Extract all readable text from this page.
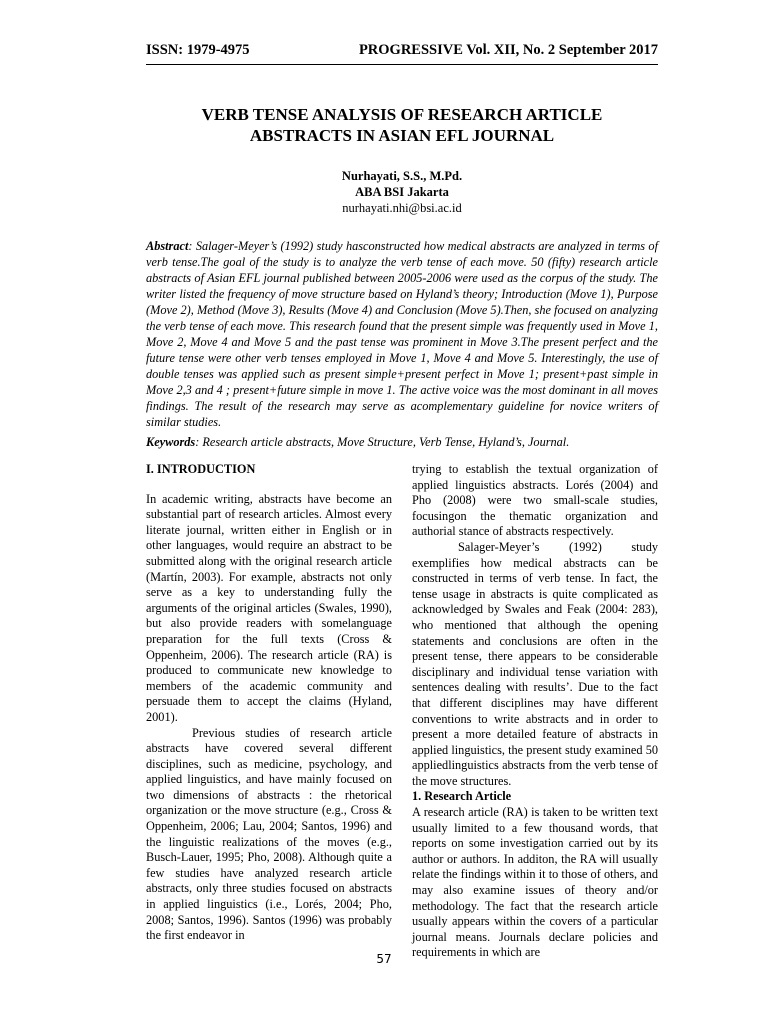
ISSN: 1979-4975	PROGRESSIVE Vol. XII, No. 2 September 2017
VERB TENSE ANALYSIS OF RESEARCH ARTICLE
ABSTRACTS IN ASIAN EFL JOURNAL
Nurhayati, S.S., M.Pd.
ABA BSI Jakarta
nurhayati.nhi@bsi.ac.id
Abstract: Salager-Meyer’s (1992) study hasconstructed how medical abstracts are analyzed in terms of verb tense.The goal of the study is to analyze the verb tense of each move. 50 (fifty) research article abstracts of Asian EFL journal published between 2005-2006 were used as the corpus of the study. The writer listed the frequency of move structure based on Hyland’s theory; Introduction (Move 1), Purpose (Move 2), Method (Move 3), Results (Move 4) and Conclusion (Move 5).Then, she focused on analyzing the verb tense of each move. This research found that the present simple was frequently used in Move 1, Move 2, Move 4 and Move 5 and the past tense was prominent in Move 3.The present perfect and the future tense were other verb tenses employed in Move 1, Move 4 and Move 5. Interestingly, the use of double tenses was applied such as present simple+present perfect in Move 1; present+past simple in Move 2,3 and 4 ; present+future simple in move 1. The active voice was the most dominant in all moves findings. The result of the research may serve as acomplementary guideline for novice writers of similar studies.
Keywords: Research article abstracts, Move Structure, Verb Tense, Hyland’s, Journal.

I. INTRODUCTION

In academic writing, abstracts have become an substantial part of research articles. Almost every literate journal, written either in English or in other languages, would require an abstract to be submitted along with the original research article (Martín, 2003). For example, abstracts not only serve as a key to understanding fully the arguments of the original articles (Swales, 1990), but also provide readers with somelanguage preparation for the full texts (Cross & Oppenheim, 2006). The research article (RA) is produced to communicate new knowledge to members of the academic community and persuade them to accept the claims (Hyland, 2001).

Previous studies of research article abstracts have covered several different disciplines, such as medicine, psychology, and applied linguistics, and have mainly focused on two dimensions of abstracts : the rhetorical organization or the move structure (e.g., Cross & Oppenheim, 2006; Lau, 2004; Santos, 1996) and the linguistic realizations of the moves (e.g., Busch-Lauer, 1995; Pho, 2008). Although quite a few studies have analyzed research article abstracts, only three studies focused on abstracts in applied linguistics (i.e., Lorés, 2004; Pho, 2008; Santos, 1996). Santos (1996) was probably the first endeavor in

trying to establish the textual organization of applied linguistics abstracts. Lorés (2004) and Pho (2008) were two small-scale studies, focusingon the thematic organization and authorial stance of abstracts respectively.

Salager-Meyer’s (1992) study exemplifies how medical abstracts can be constructed in terms of verb tense. In fact, the tense usage in abstracts is quite complicated as acknowledged by Swales and Feak (2004: 283), who mentioned that although the opening statements and conclusions are often in the present tense, there appears to be considerable disciplinary and individual tense variation with sentences dealing with results’. Due to the fact that different disciplines may have different conventions to write abstracts and in order to present a more detailed feature of abstracts in applied linguistics, the present study examined 50 appliedlinguistics abstracts from the verb tense of the move structures.

1. Research Article

A research article (RA) is taken to be written text usually limited to a few thousand words, that reports on some investigation carried out by its author or authors. In additon, the RA will usually relate the findings within it to those of others, and may also examine issues of theory and/or methodology. The fact that the research article usually appears within the covers of a particular journal means. Journals declare policies and requirements in which are

57
